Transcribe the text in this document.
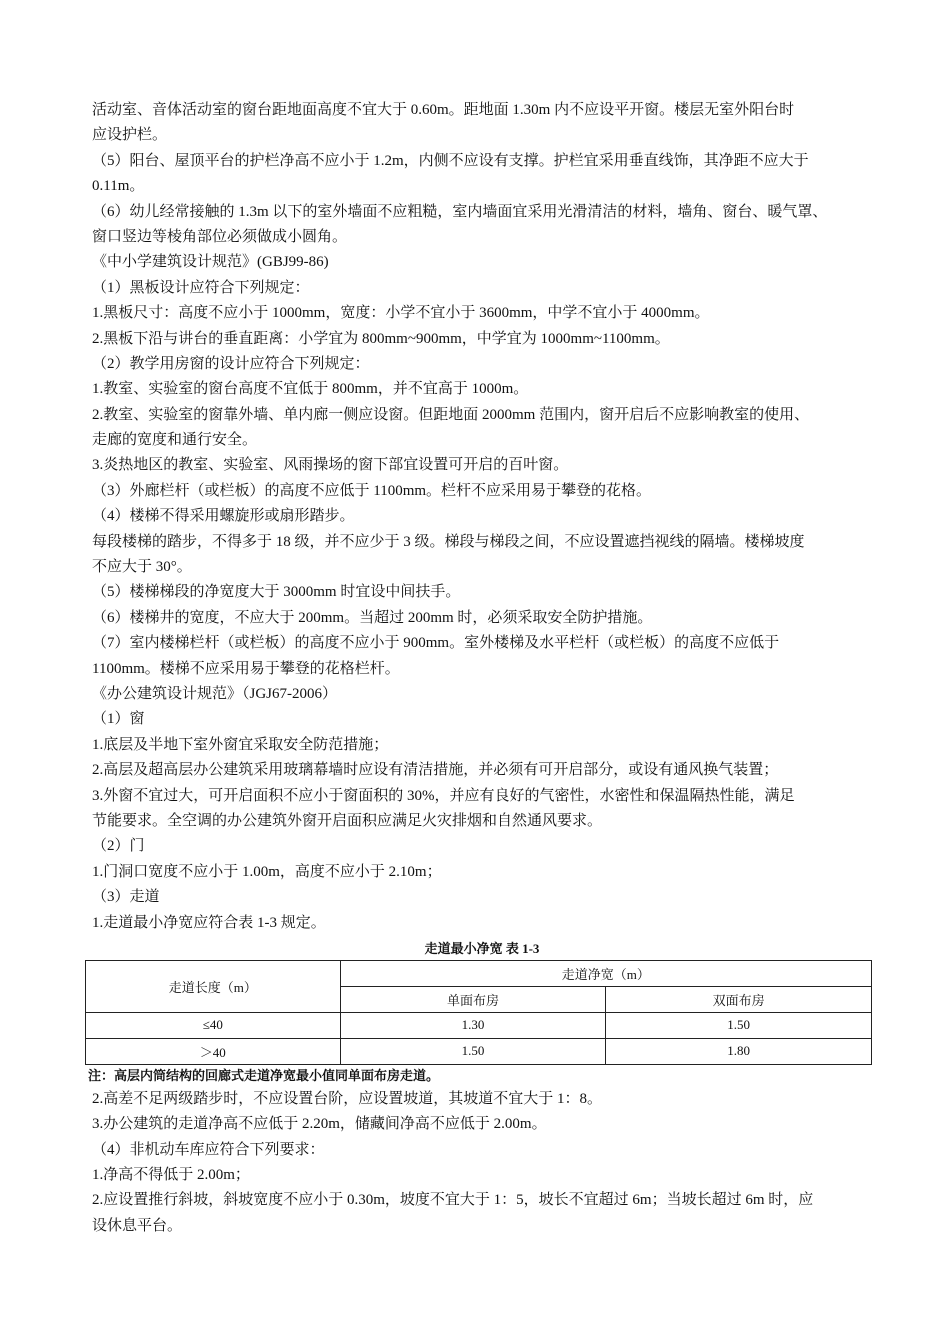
活动室、音体活动室的窗台距地面高度不宜大于 0.60m。距地面 1.30m 内不应设平开窗。楼层无室外阳台时
应设护栏。
（5）阳台、屋顶平台的护栏净高不应小于 1.2m，内侧不应设有支撑。护栏宜采用垂直线饰，其净距不应大于
0.11m。
（6）幼儿经常接触的 1.3m 以下的室外墙面不应粗糙，室内墙面宜采用光滑清洁的材料，墙角、窗台、暖气罩、
窗口竖边等棱角部位必须做成小圆角。
《中小学建筑设计规范》(GBJ99-86)
（1）黑板设计应符合下列规定：
1.黑板尺寸：高度不应小于 1000mm，宽度：小学不宜小于 3600mm，中学不宜小于 4000mm。
2.黑板下沿与讲台的垂直距离：小学宜为 800mm~900mm，中学宜为 1000mm~1100mm。
（2）教学用房窗的设计应符合下列规定：
1.教室、实验室的窗台高度不宜低于 800mm，并不宜高于 1000m。
2.教室、实验室的窗靠外墙、单内廊一侧应设窗。但距地面 2000mm 范围内，窗开启后不应影响教室的使用、
走廊的宽度和通行安全。
3.炎热地区的教室、实验室、风雨操场的窗下部宜设置可开启的百叶窗。
（3）外廊栏杆（或栏板）的高度不应低于 1100mm。栏杆不应采用易于攀登的花格。
（4）楼梯不得采用螺旋形或扇形踏步。
每段楼梯的踏步，不得多于 18 级，并不应少于 3 级。梯段与梯段之间，不应设置遮挡视线的隔墙。楼梯坡度
不应大于 30°。
（5）楼梯梯段的净宽度大于 3000mm 时宜设中间扶手。
（6）楼梯井的宽度，不应大于 200mm。当超过 200mm 时，必须采取安全防护措施。
（7）室内楼梯栏杆（或栏板）的高度不应小于 900mm。室外楼梯及水平栏杆（或栏板）的高度不应低于
1100mm。楼梯不应采用易于攀登的花格栏杆。
《办公建筑设计规范》（JGJ67-2006）
（1）窗
1.底层及半地下室外窗宜采取安全防范措施；
2.高层及超高层办公建筑采用玻璃幕墙时应设有清洁措施，并必须有可开启部分，或设有通风换气装置；
3.外窗不宜过大，可开启面积不应小于窗面积的 30%，并应有良好的气密性，水密性和保温隔热性能，满足
节能要求。全空调的办公建筑外窗开启面积应满足火灾排烟和自然通风要求。
（2）门
1.门洞口宽度不应小于 1.00m，高度不应小于 2.10m；
（3）走道
1.走道最小净宽应符合表 1-3 规定。
走道最小净宽 表 1-3
走道长度（m）	走道净宽（m）	
	单面布房	双面布房
≤40	1.30	1.50
＞40	1.50	1.80
注：高层内筒结构的回廊式走道净宽最小值同单面布房走道。
2.高差不足两级踏步时，不应设置台阶，应设置坡道，其坡道不宜大于 1：8。
3.办公建筑的走道净高不应低于 2.20m，储藏间净高不应低于 2.00m。
（4）非机动车库应符合下列要求：
1.净高不得低于 2.00m；
2.应设置推行斜坡，斜坡宽度不应小于 0.30m，坡度不宜大于 1：5，坡长不宜超过 6m；当坡长超过 6m 时，应
设休息平台。
